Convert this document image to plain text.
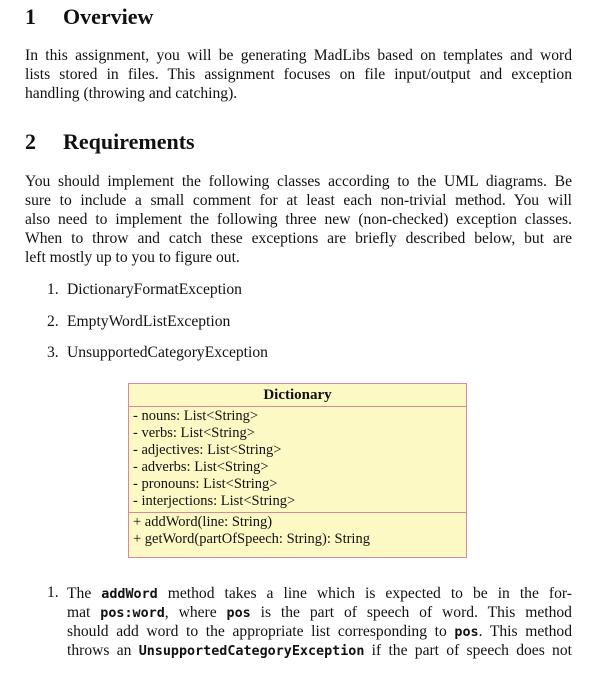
1 Overview
In this assignment, you will be generating MadLibs based on templates and word
lists stored in files. This assignment focuses on file input/output and exception
handling (throwing and catching).
2 Requirements
You should implement the following classes according to the UML diagrams. Be
sure to include a small comment for at least each non-trivial method. You will
also need to implement the following three new (non-checked) exception classes.
When to throw and catch these exceptions are briefly described below, but are
left mostly up to you to figure out.
1. DictionaryFormatException
2. EmptyWordListException
3. UnsupportedCategoryException
Dictionary
- nouns: List<String>
- verbs: List<String>
- adjectives: List<String>
- adverbs: List<String>
- pronouns: List<String>
- interjections: List<String>
+ addWord(line: String)
+ getWord(partOfSpeech: String): String
1. The addWord method takes a line which is expected to be in the for-
mat pos:word, where pos is the part of speech of word. This method
should add word to the appropriate list corresponding to pos. This method
throws an UnsupportedCategoryException if the part of speech does not
